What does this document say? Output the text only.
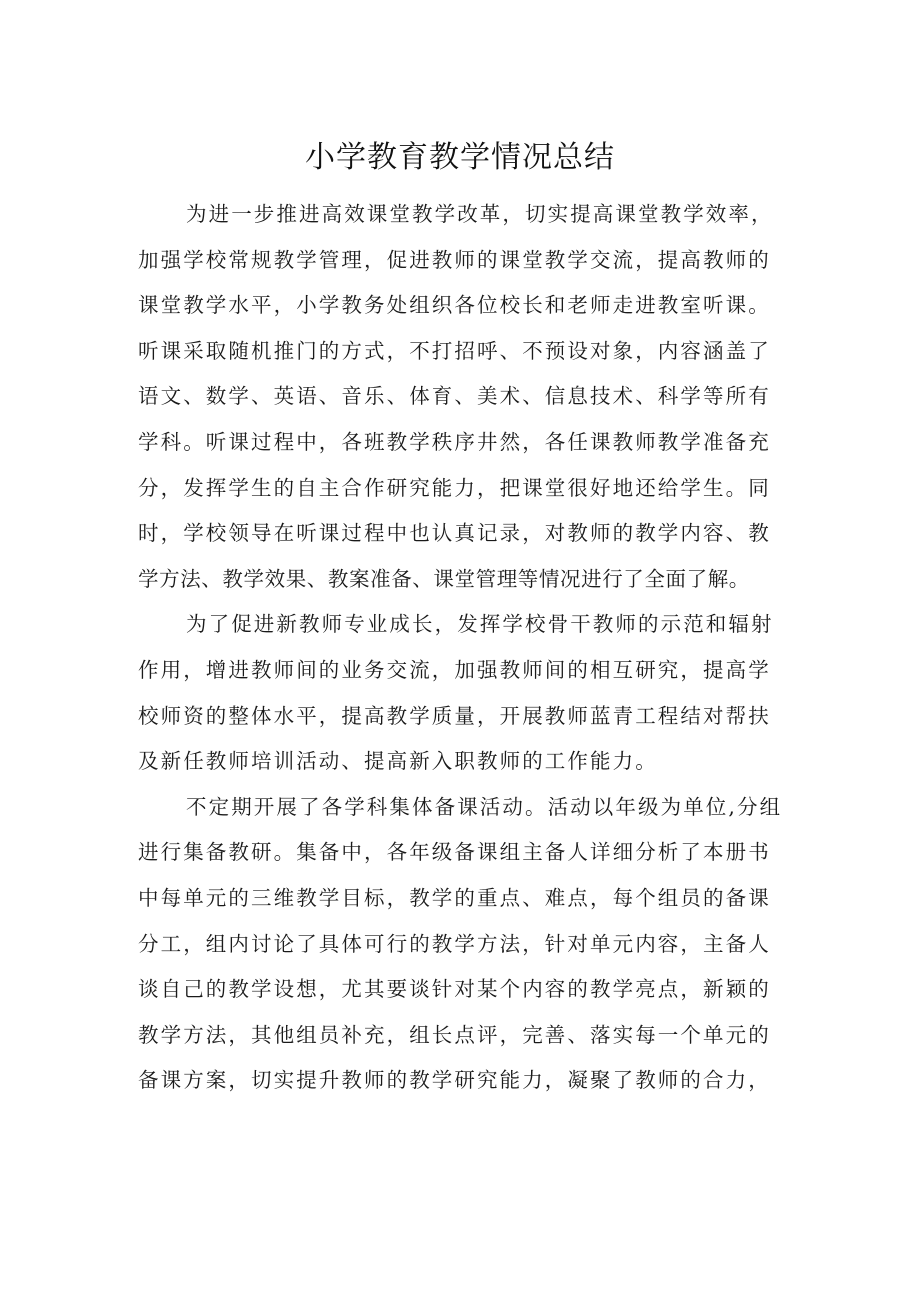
小学教育教学情况总结
为进一步推进高效课堂教学改革，切实提高课堂教学效率，
加强学校常规教学管理，促进教师的课堂教学交流，提高教师的
课堂教学水平，小学教务处组织各位校长和老师走进教室听课。
听课采取随机推门的方式，不打招呼、不预设对象，内容涵盖了
语文、数学、英语、音乐、体育、美术、信息技术、科学等所有
学科。听课过程中，各班教学秩序井然，各任课教师教学准备充
分，发挥学生的自主合作研究能力，把课堂很好地还给学生。同
时，学校领导在听课过程中也认真记录，对教师的教学内容、教
学方法、教学效果、教案准备、课堂管理等情况进行了全面了解。
为了促进新教师专业成长，发挥学校骨干教师的示范和辐射
作用，增进教师间的业务交流，加强教师间的相互研究，提高学
校师资的整体水平，提高教学质量，开展教师蓝青工程结对帮扶
及新任教师培训活动、提高新入职教师的工作能力。
不定期开展了各学科集体备课活动。活动以年级为单位,分组
进行集备教研。集备中，各年级备课组主备人详细分析了本册书
中每单元的三维教学目标，教学的重点、难点，每个组员的备课
分工，组内讨论了具体可行的教学方法，针对单元内容，主备人
谈自己的教学设想，尤其要谈针对某个内容的教学亮点，新颖的
教学方法，其他组员补充，组长点评，完善、落实每一个单元的
备课方案，切实提升教师的教学研究能力，凝聚了教师的合力，
